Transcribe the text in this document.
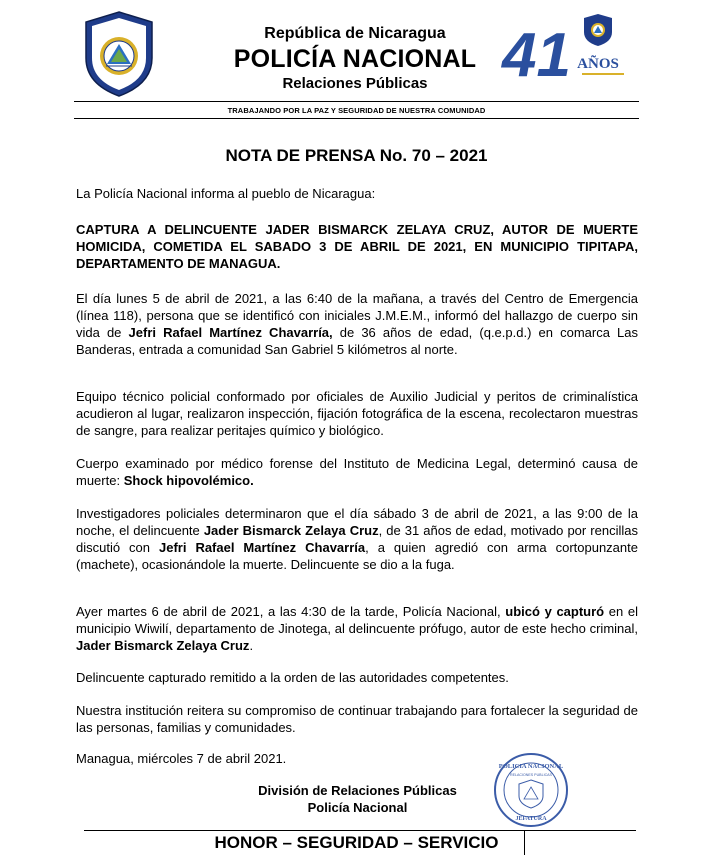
República de Nicaragua
POLICÍA NACIONAL
Relaciones Públicas	41 AÑOS
TRABAJANDO POR LA PAZ Y SEGURIDAD DE NUESTRA COMUNIDAD
NOTA DE PRENSA No. 70 – 2021
La Policía Nacional informa al pueblo de Nicaragua:
CAPTURA A DELINCUENTE JADER BISMARCK ZELAYA CRUZ, AUTOR DE MUERTE HOMICIDA, COMETIDA EL SABADO 3 DE ABRIL DE 2021, EN MUNICIPIO TIPITAPA, DEPARTAMENTO DE MANAGUA.
El día lunes 5 de abril de 2021, a las 6:40 de la mañana, a través del Centro de Emergencia (línea 118), persona que se identificó con iniciales J.M.E.M., informó del hallazgo de cuerpo sin vida de Jefri Rafael Martínez Chavarría, de 36 años de edad, (q.e.p.d.) en comarca Las Banderas, entrada a comunidad San Gabriel 5 kilómetros al norte.
Equipo técnico policial conformado por oficiales de Auxilio Judicial y peritos de criminalística acudieron al lugar, realizaron inspección, fijación fotográfica de la escena, recolectaron muestras de sangre, para realizar peritajes químico y biológico.
Cuerpo examinado por médico forense del Instituto de Medicina Legal, determinó causa de muerte: Shock hipovolémico.
Investigadores policiales determinaron que el día sábado 3 de abril de 2021, a las 9:00 de la noche, el delincuente Jader Bismarck Zelaya Cruz, de 31 años de edad, motivado por rencillas discutió con Jefri Rafael Martínez Chavarría, a quien agredió con arma cortopunzante (machete), ocasionándole la muerte. Delincuente se dio a la fuga.
Ayer martes 6 de abril de 2021, a las 4:30 de la tarde, Policía Nacional, ubicó y capturó en el municipio Wiwilí, departamento de Jinotega, al delincuente prófugo, autor de este hecho criminal, Jader Bismarck Zelaya Cruz.
Delincuente capturado remitido a la orden de las autoridades competentes.
Nuestra institución reitera su compromiso de continuar trabajando para fortalecer la seguridad de las personas, familias y comunidades.
Managua, miércoles 7 de abril 2021.
División de Relaciones Públicas
Policía Nacional
POLICIA NACIONAL
RELACIONES PUBLICAS
JEFATURA
HONOR – SEGURIDAD – SERVICIO
